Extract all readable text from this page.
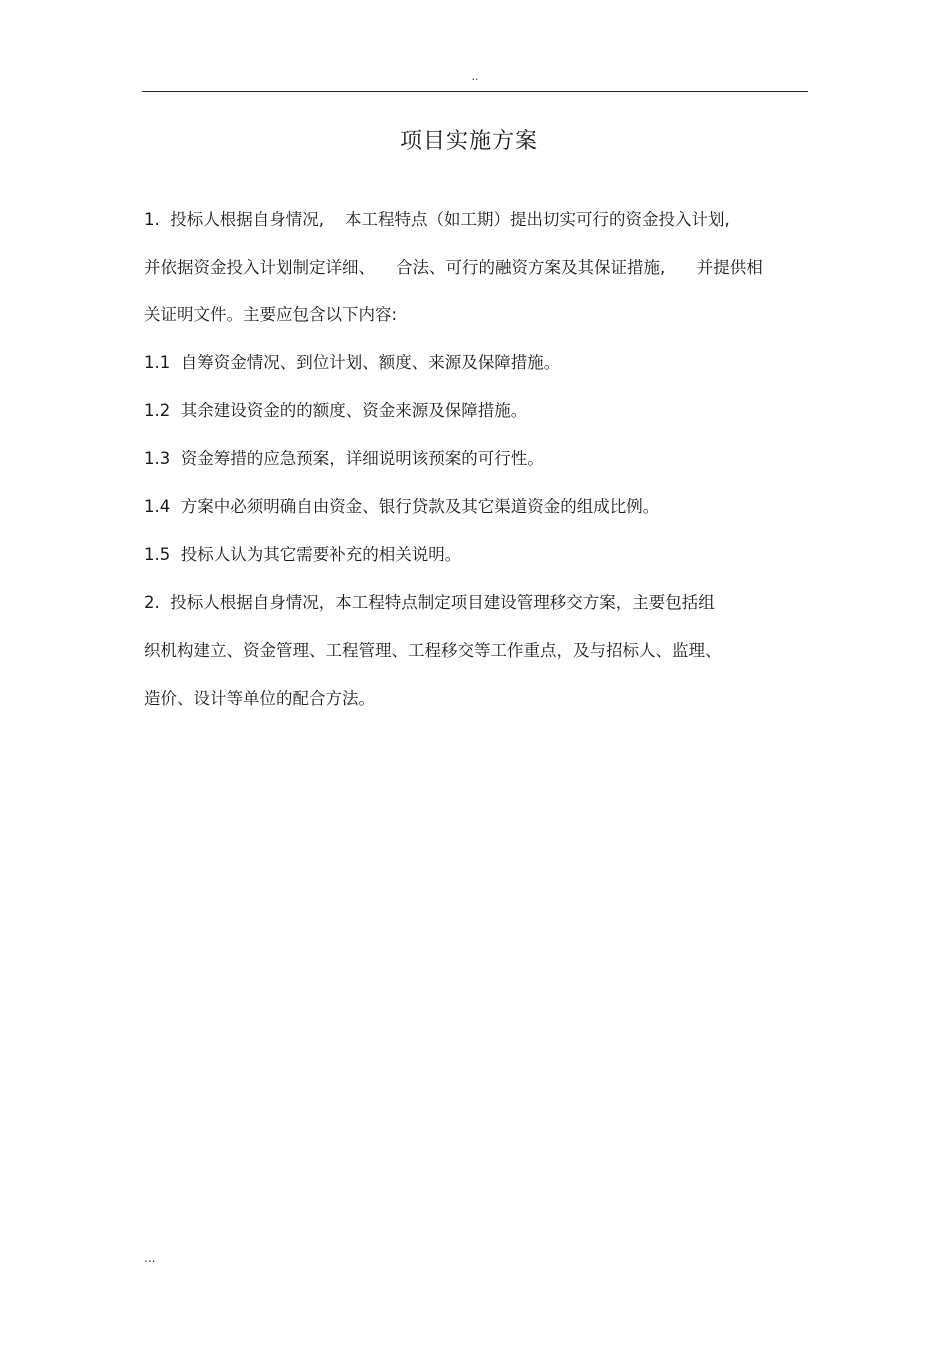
..
项目实施方案
1.  投标人根据自身情况,    本工程特点（如工期）提出切实可行的资金投入计划,
并依据资金投入计划制定详细、    合法、可行的融资方案及其保证措施,      并提供相
关证明文件。主要应包含以下内容:
1.1  自筹资金情况、到位计划、额度、来源及保障措施。
1.2  其余建设资金的的额度、资金来源及保障措施。
1.3  资金筹措的应急预案，详细说明该预案的可行性。
1.4  方案中必须明确自由资金、银行贷款及其它渠道资金的组成比例。
1.5  投标人认为其它需要补充的相关说明。
2.  投标人根据自身情况，本工程特点制定项目建设管理移交方案，主要包括组
织机构建立、资金管理、工程管理、工程移交等工作重点，及与招标人、监理、
造价、设计等单位的配合方法。
...
